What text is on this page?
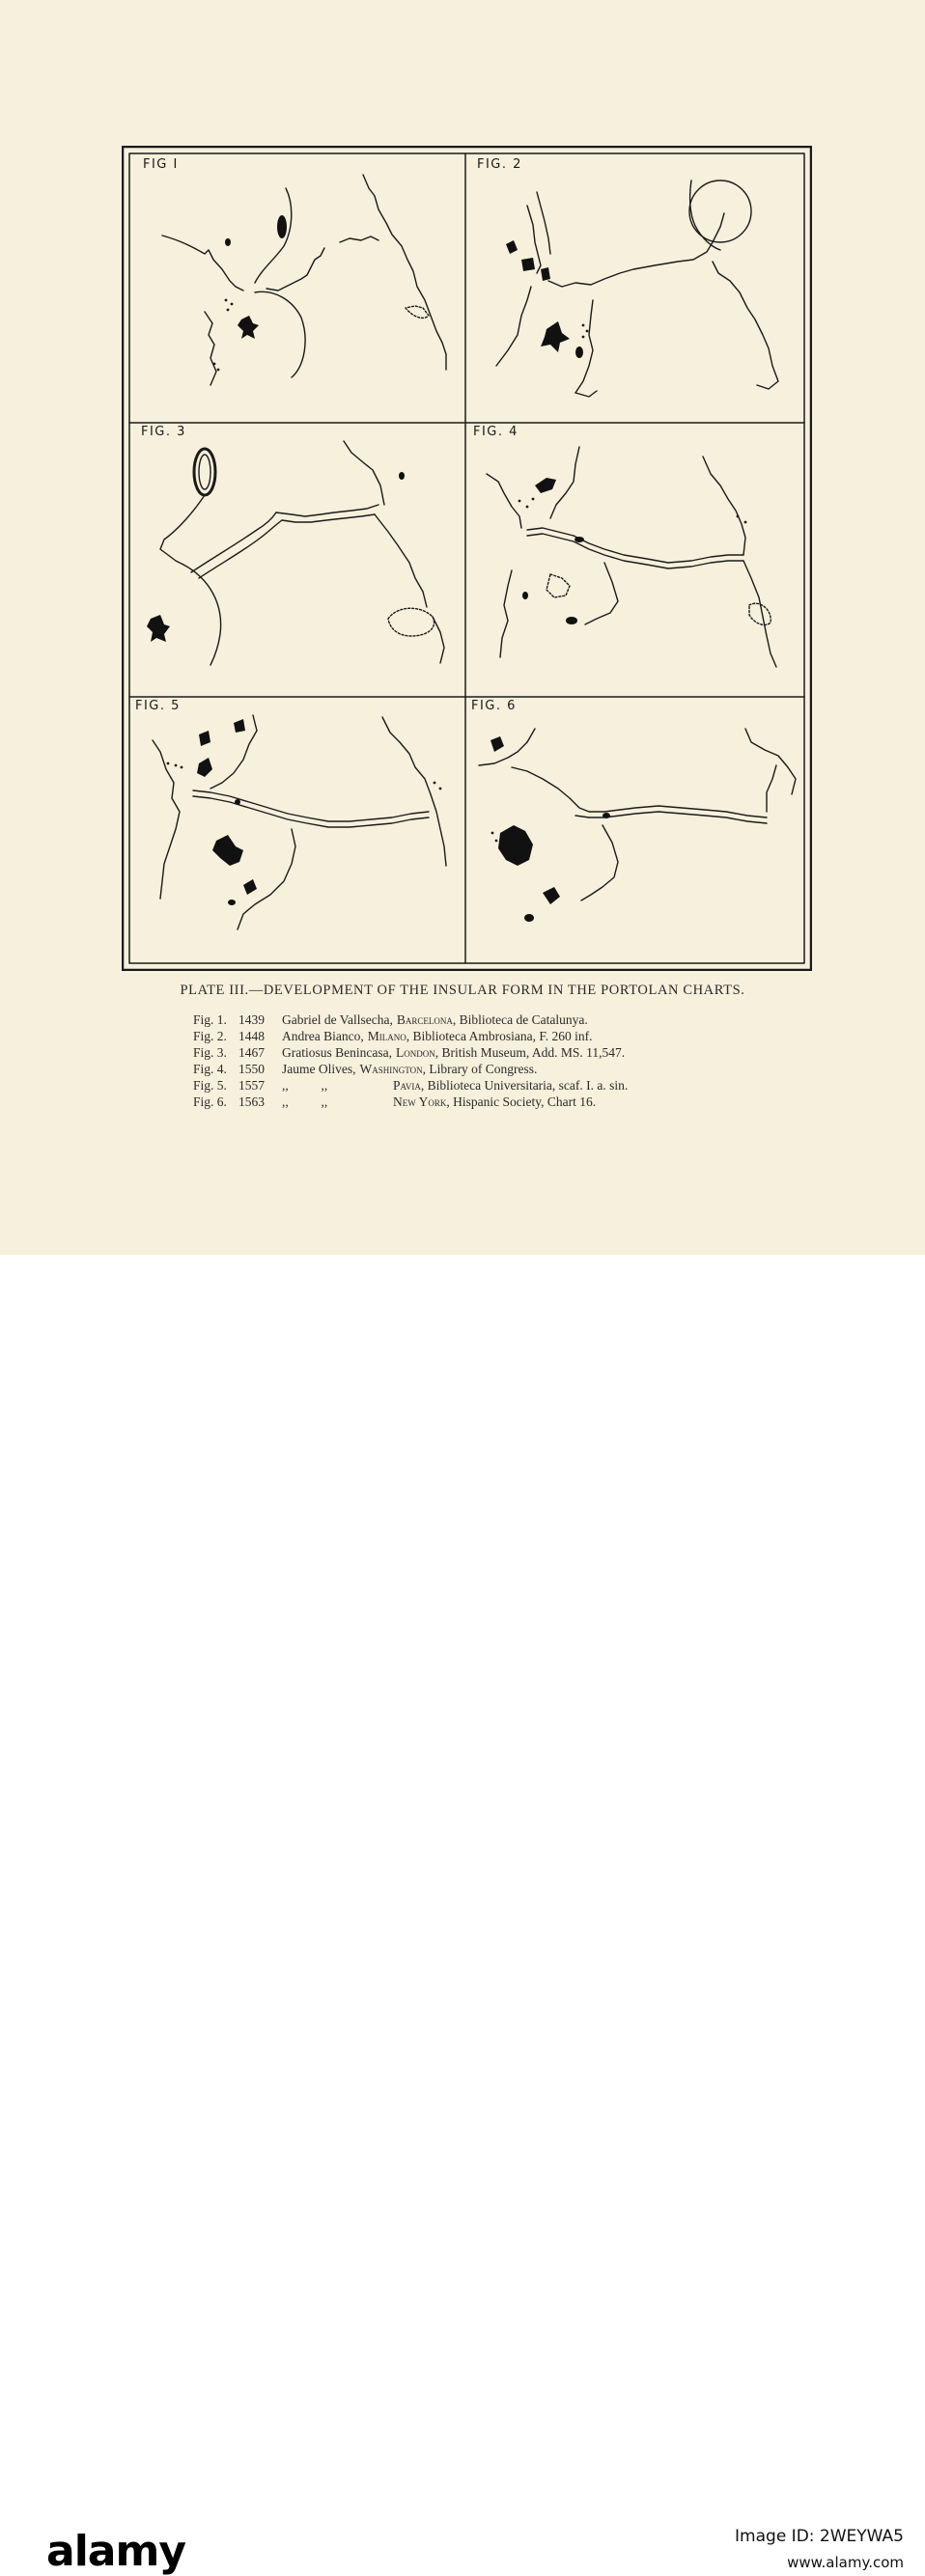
FIG I	FIG. 2
FIG. 3	FIG. 4
FIG. 5	FIG. 6
PLATE III.—DEVELOPMENT OF THE INSULAR FORM IN THE PORTOLAN CHARTS.
Fig. 1. 1439	Gabriel de Vallsecha, Barcelona , Biblioteca de Catalunya.
Fig. 2. 1448	Andrea Bianco, Milano , Biblioteca Ambrosiana, F. 260 inf.
Fig. 3. 1467	Gratiosus Benincasa, London , British Museum, Add. MS. 11,547.
Fig. 4. 1550	Jaume Olives, Washington , Library of Congress.
Fig. 5. 1557	,,          ,,	Pavia , Biblioteca Universitaria, scaf. I. a. sin.
Fig. 6. 1563	,,          ,,	New York , Hispanic Society, Chart 16.
alamy	Image ID: 2WEYWA5
www.alamy.com
